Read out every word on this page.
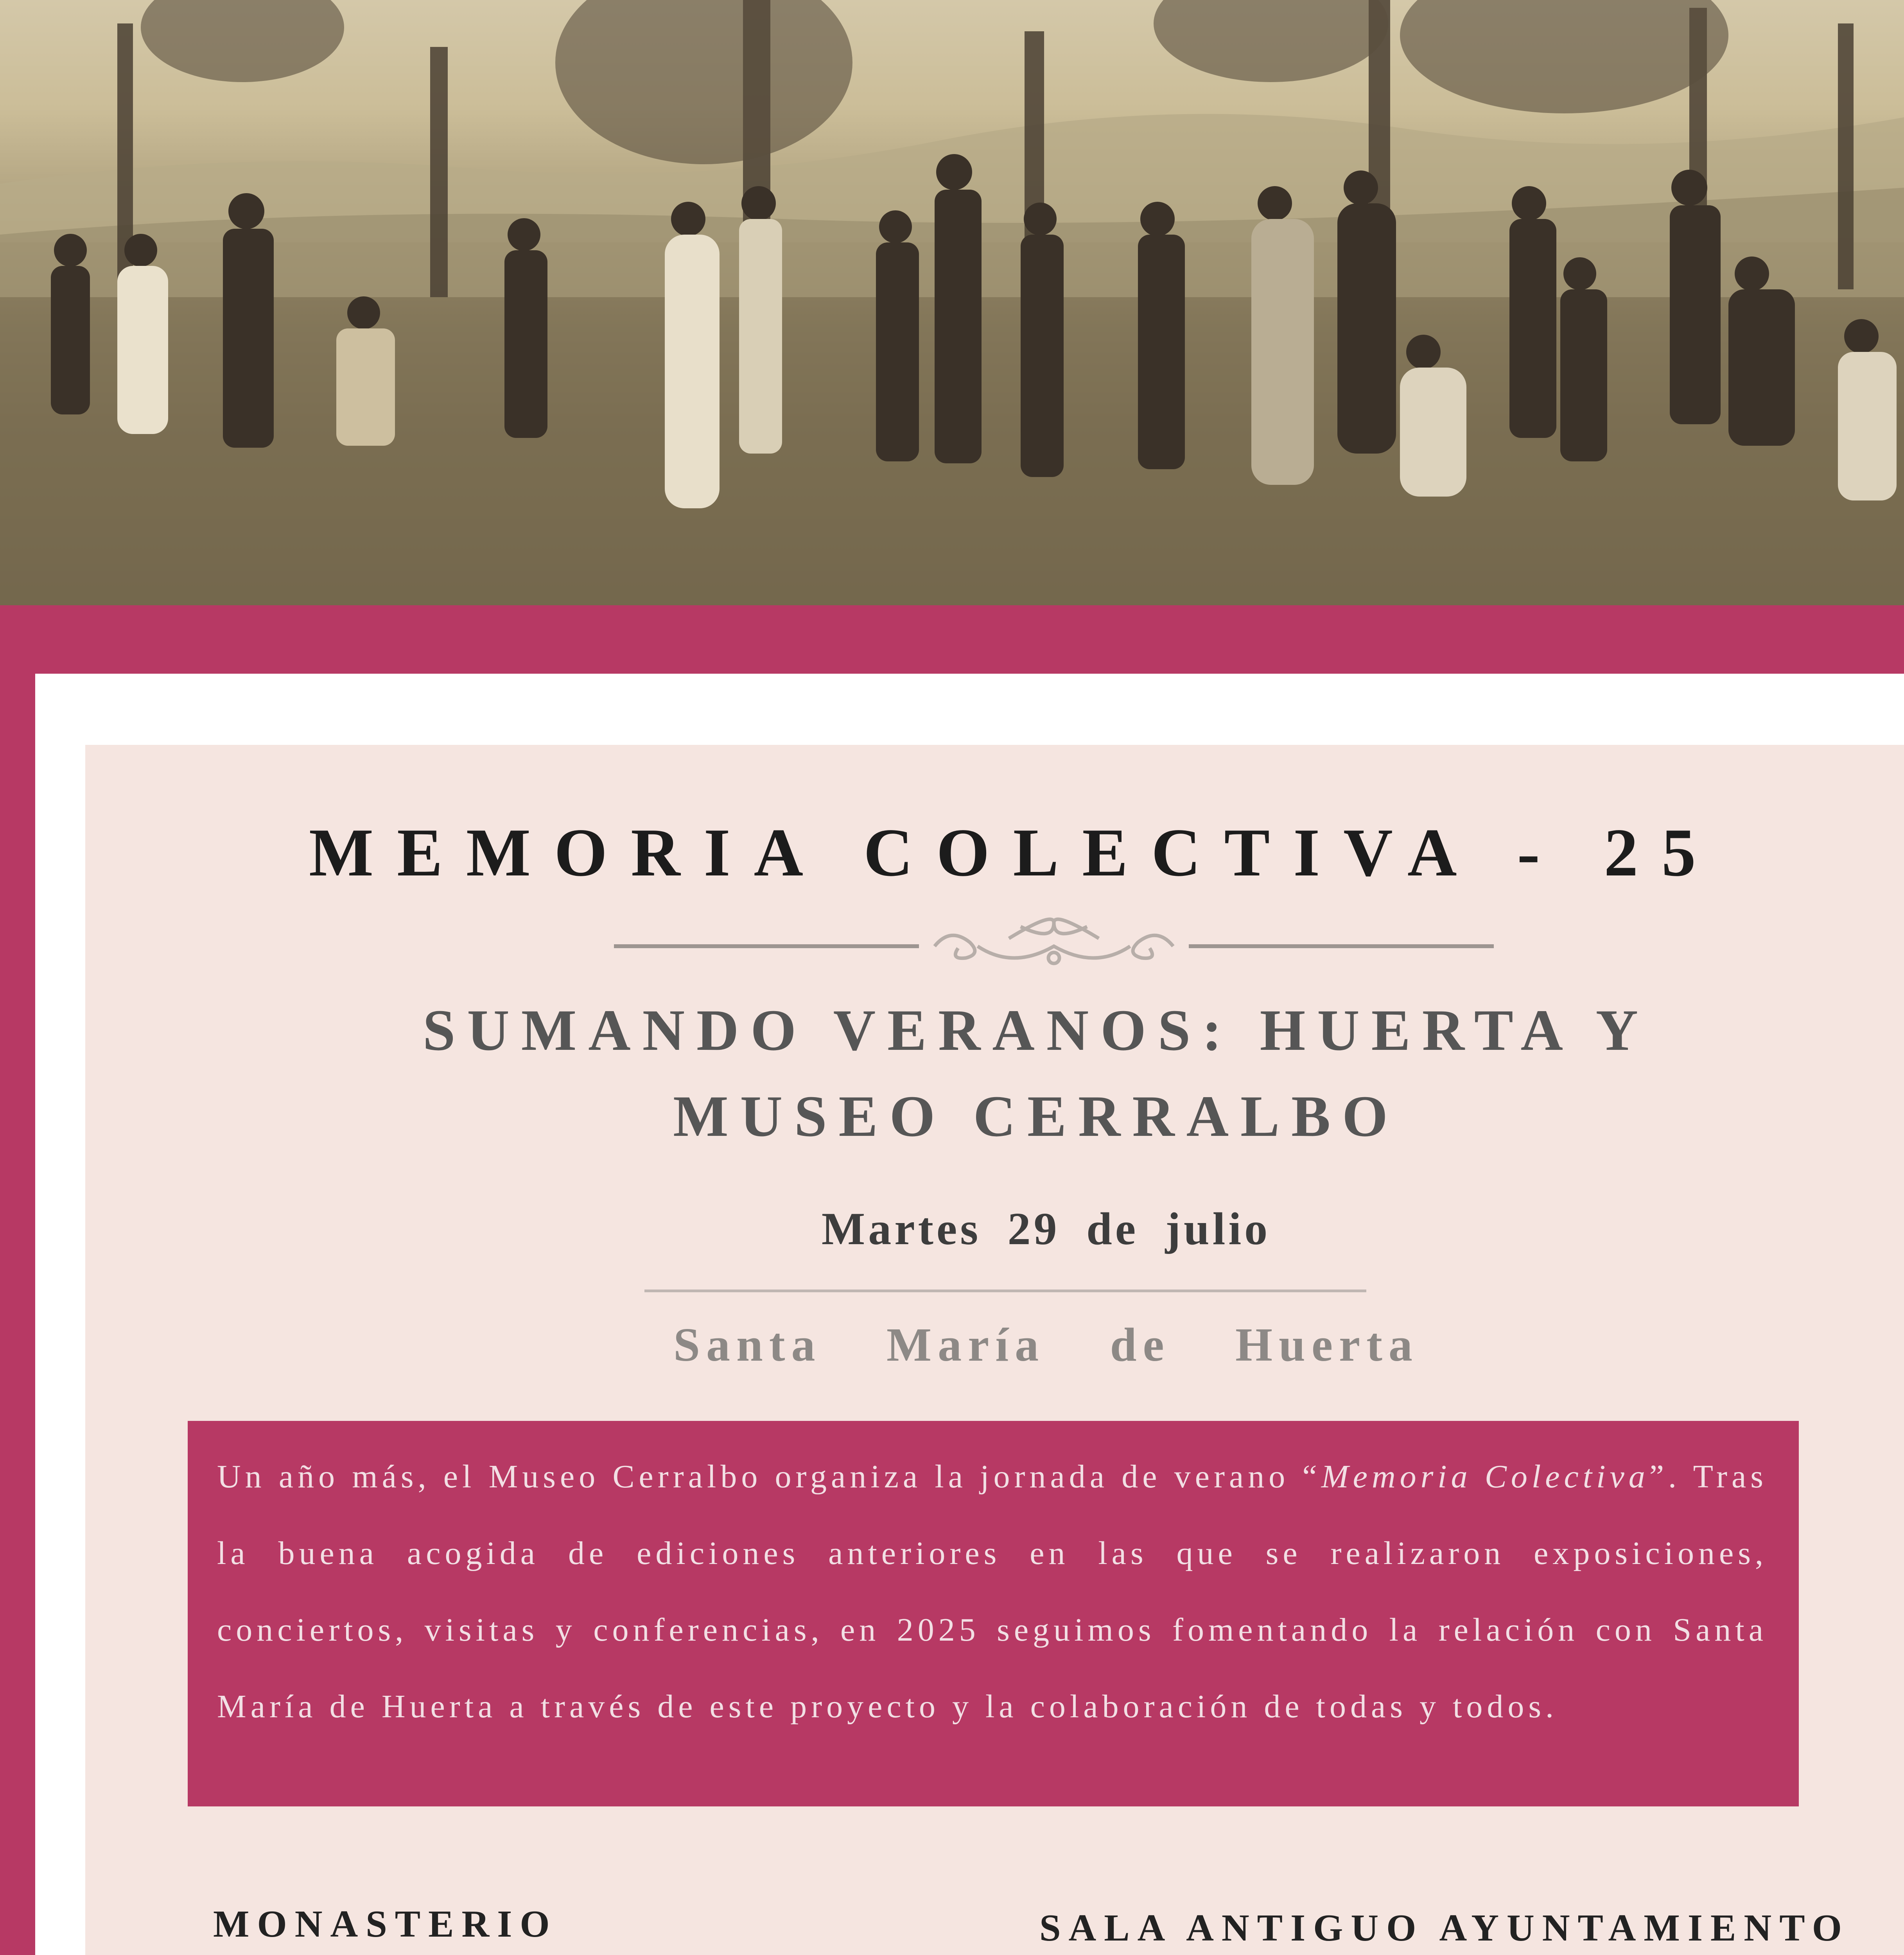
MEMORIA COLECTIVA - 25
SUMANDO VERANOS: HUERTA Y MUSEO CERRALBO
Martes 29 de julio
Santa María de Huerta

Un año más, el Museo Cerralbo organiza la jornada de verano “Memoria Colectiva”. Tras la buena acogida de ediciones anteriores en las que se realizaron exposiciones, conciertos, visitas y conferencias, en 2025 seguimos fomentando la relación con Santa María de Huerta a través de este proyecto y la colaboración de todas y todos.

MONASTERIO	SALA ANTIGUO AYUNTAMIENTO
